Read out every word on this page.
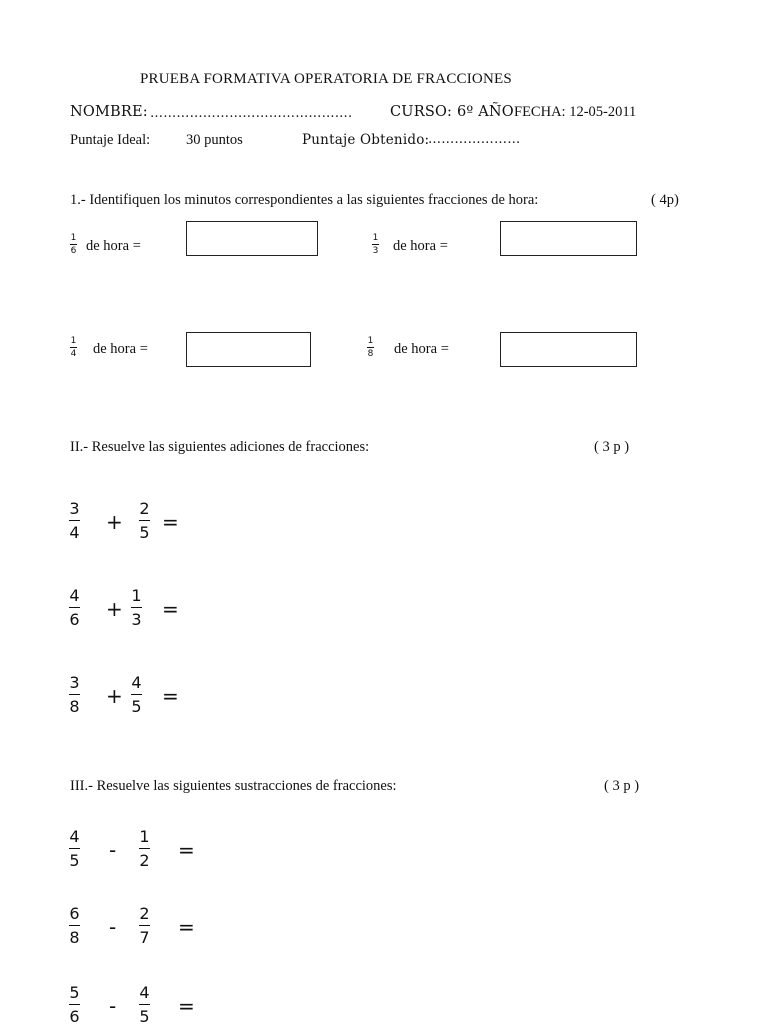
PRUEBA FORMATIVA OPERATORIA DE FRACCIONES
NOMBRE: ……………………………………….	CURSO: 6º AÑO FECHA: 12-05-2011
Puntaje Ideal: 30 puntos	Puntaje Obtenido:
…………………
1.- Identifiquen los minutos correspondientes a las siguientes fracciones de hora:	( 4p)
1
6 de hora =	1
3 de hora =
1
4 de hora =	1
8 de hora =
II.- Resuelve las siguientes adiciones de fracciones:	( 3 p )
3
4 +
2
5 =
4
6 +
1
3 =
3
8 +
4
5 =
III.- Resuelve las siguientes sustracciones de fracciones:	( 3 p )
4
5 -
1
2 =
6
8 -
2
7 =
5
6 -
4
5 =
